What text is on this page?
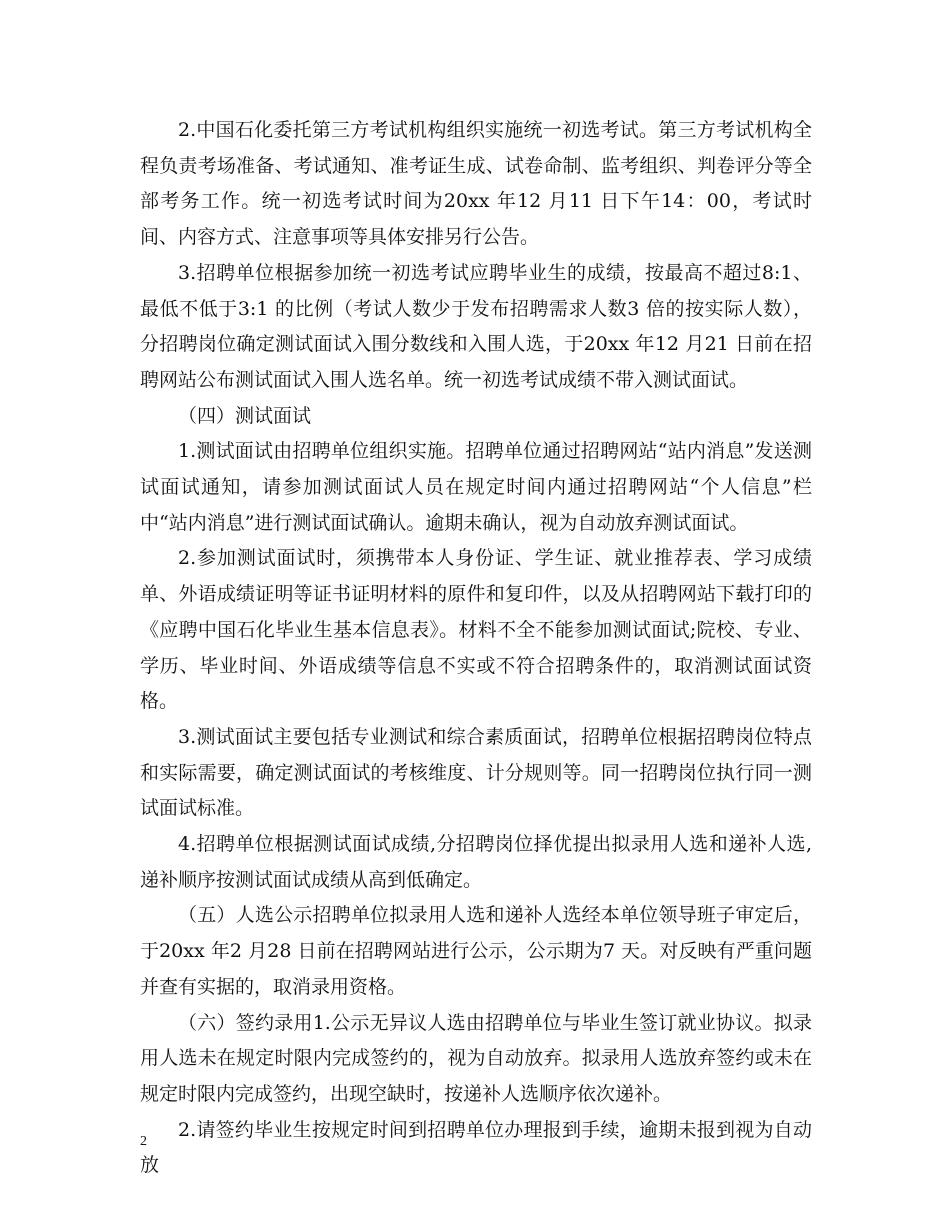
2.中国石化委托第三方考试机构组织实施统一初选考试。第三方考试机构全程负责考场准备、考试通知、准考证生成、试卷命制、监考组织、判卷评分等全部考务工作。统一初选考试时间为20xx 年12 月11 日下午14：00，考试时间、内容方式、注意事项等具体安排另行公告。

3.招聘单位根据参加统一初选考试应聘毕业生的成绩，按最高不超过8:1、最低不低于3:1 的比例（考试人数少于发布招聘需求人数3 倍的按实际人数），分招聘岗位确定测试面试入围分数线和入围人选，于20xx 年12 月21 日前在招聘网站公布测试面试入围人选名单。统一初选考试成绩不带入测试面试。

（四）测试面试

1.测试面试由招聘单位组织实施。招聘单位通过招聘网站“站内消息”发送测试面试通知，请参加测试面试人员在规定时间内通过招聘网站“个人信息”栏中“站内消息”进行测试面试确认。逾期未确认，视为自动放弃测试面试。

2.参加测试面试时，须携带本人身份证、学生证、就业推荐表、学习成绩单、外语成绩证明等证书证明材料的原件和复印件，以及从招聘网站下载打印的《应聘中国石化毕业生基本信息表》。材料不全不能参加测试面试;院校、专业、学历、毕业时间、外语成绩等信息不实或不符合招聘条件的，取消测试面试资格。

3.测试面试主要包括专业测试和综合素质面试，招聘单位根据招聘岗位特点和实际需要，确定测试面试的考核维度、计分规则等。同一招聘岗位执行同一测试面试标准。

4.招聘单位根据测试面试成绩,分招聘岗位择优提出拟录用人选和递补人选,递补顺序按测试面试成绩从高到低确定。

（五）人选公示招聘单位拟录用人选和递补人选经本单位领导班子审定后，于20xx 年2 月28 日前在招聘网站进行公示，公示期为7 天。对反映有严重问题并查有实据的，取消录用资格。

（六）签约录用1.公示无异议人选由招聘单位与毕业生签订就业协议。拟录用人选未在规定时限内完成签约的，视为自动放弃。拟录用人选放弃签约或未在规定时限内完成签约，出现空缺时，按递补人选顺序依次递补。

2.请签约毕业生按规定时间到招聘单位办理报到手续，逾期未报到视为自动放

2
